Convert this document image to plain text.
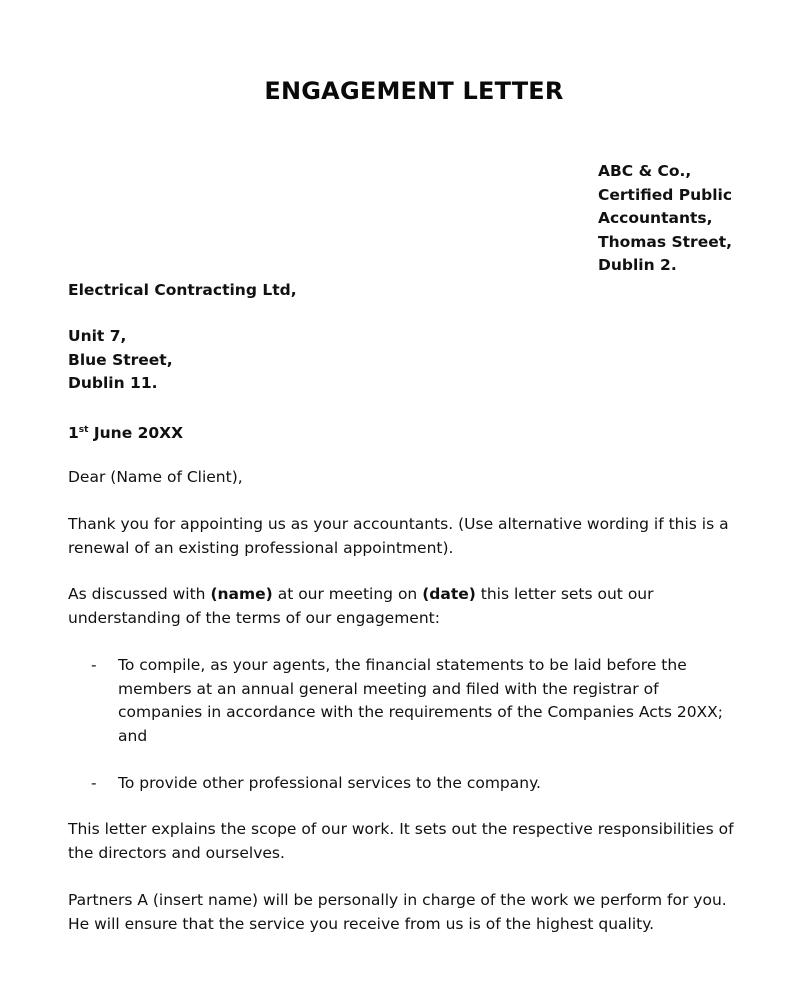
ENGAGEMENT LETTER
ABC & Co.,
Certified Public
Accountants,
Thomas Street,
Dublin 2.
Electrical Contracting Ltd,
Unit 7,
Blue Street,
Dublin 11.
1st June 20XX
Dear (Name of Client),
Thank you for appointing us as your accountants. (Use alternative wording if this is a
renewal of an existing professional appointment).
As discussed with (name) at our meeting on (date) this letter sets out our
understanding of the terms of our engagement:
- To compile, as your agents, the financial statements to be laid before the
members at an annual general meeting and filed with the registrar of
companies in accordance with the requirements of the Companies Acts 20XX;
and
- To provide other professional services to the company.
This letter explains the scope of our work. It sets out the respective responsibilities of
the directors and ourselves.
Partners A (insert name) will be personally in charge of the work we perform for you.
He will ensure that the service you receive from us is of the highest quality.
